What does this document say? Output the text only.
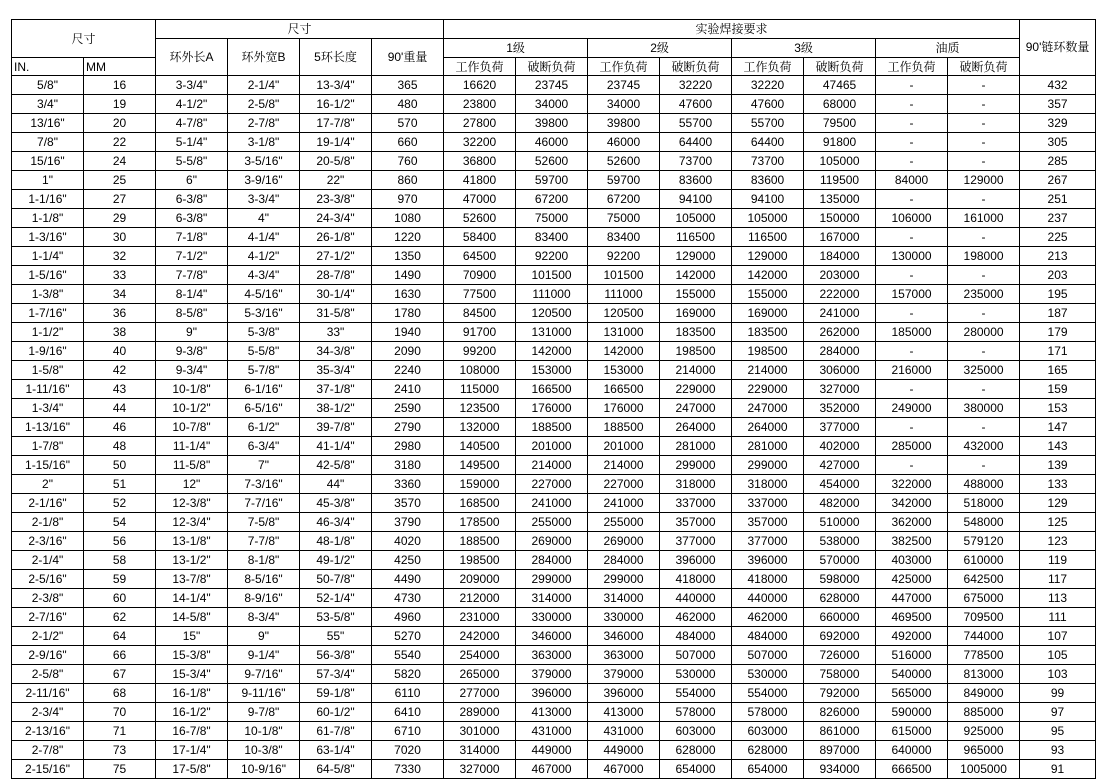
尺寸		尺寸				实验焊接要求								90'链环数量
		环外长A	环外宽B	5环长度	90'重量	1级		2级		3级		油质		
IN.	MM					工作负荷	破断负荷	工作负荷	破断负荷	工作负荷	破断负荷	工作负荷	破断负荷	
5/8"	16	3-3/4"	2-1/4"	13-3/4"	365	16620	23745	23745	32220	32220	47465	-	-	432
3/4"	19	4-1/2"	2-5/8"	16-1/2"	480	23800	34000	34000	47600	47600	68000	-	-	357
13/16"	20	4-7/8"	2-7/8"	17-7/8"	570	27800	39800	39800	55700	55700	79500	-	-	329
7/8"	22	5-1/4"	3-1/8"	19-1/4"	660	32200	46000	46000	64400	64400	91800	-	-	305
15/16"	24	5-5/8"	3-5/16"	20-5/8"	760	36800	52600	52600	73700	73700	105000	-	-	285
1"	25	6"	3-9/16"	22"	860	41800	59700	59700	83600	83600	119500	84000	129000	267
1-1/16"	27	6-3/8"	3-3/4"	23-3/8"	970	47000	67200	67200	94100	94100	135000	-	-	251
1-1/8"	29	6-3/8"	4"	24-3/4"	1080	52600	75000	75000	105000	105000	150000	106000	161000	237
1-3/16"	30	7-1/8"	4-1/4"	26-1/8"	1220	58400	83400	83400	116500	116500	167000	-	-	225
1-1/4"	32	7-1/2"	4-1/2"	27-1/2"	1350	64500	92200	92200	129000	129000	184000	130000	198000	213
1-5/16"	33	7-7/8"	4-3/4"	28-7/8"	1490	70900	101500	101500	142000	142000	203000	-	-	203
1-3/8"	34	8-1/4"	4-5/16"	30-1/4"	1630	77500	111000	111000	155000	155000	222000	157000	235000	195
1-7/16"	36	8-5/8"	5-3/16"	31-5/8"	1780	84500	120500	120500	169000	169000	241000	-	-	187
1-1/2"	38	9"	5-3/8"	33"	1940	91700	131000	131000	183500	183500	262000	185000	280000	179
1-9/16"	40	9-3/8"	5-5/8"	34-3/8"	2090	99200	142000	142000	198500	198500	284000	-	-	171
1-5/8"	42	9-3/4"	5-7/8"	35-3/4"	2240	108000	153000	153000	214000	214000	306000	216000	325000	165
1-11/16"	43	10-1/8"	6-1/16"	37-1/8"	2410	115000	166500	166500	229000	229000	327000	-	-	159
1-3/4"	44	10-1/2"	6-5/16"	38-1/2"	2590	123500	176000	176000	247000	247000	352000	249000	380000	153
1-13/16"	46	10-7/8"	6-1/2"	39-7/8"	2790	132000	188500	188500	264000	264000	377000	-	-	147
1-7/8"	48	11-1/4"	6-3/4"	41-1/4"	2980	140500	201000	201000	281000	281000	402000	285000	432000	143
1-15/16"	50	11-5/8"	7"	42-5/8"	3180	149500	214000	214000	299000	299000	427000	-	-	139
2"	51	12"	7-3/16"	44"	3360	159000	227000	227000	318000	318000	454000	322000	488000	133
2-1/16"	52	12-3/8"	7-7/16"	45-3/8"	3570	168500	241000	241000	337000	337000	482000	342000	518000	129
2-1/8"	54	12-3/4"	7-5/8"	46-3/4"	3790	178500	255000	255000	357000	357000	510000	362000	548000	125
2-3/16"	56	13-1/8"	7-7/8"	48-1/8"	4020	188500	269000	269000	377000	377000	538000	382500	579120	123
2-1/4"	58	13-1/2"	8-1/8"	49-1/2"	4250	198500	284000	284000	396000	396000	570000	403000	610000	119
2-5/16"	59	13-7/8"	8-5/16"	50-7/8"	4490	209000	299000	299000	418000	418000	598000	425000	642500	117
2-3/8"	60	14-1/4"	8-9/16"	52-1/4"	4730	212000	314000	314000	440000	440000	628000	447000	675000	113
2-7/16"	62	14-5/8"	8-3/4"	53-5/8"	4960	231000	330000	330000	462000	462000	660000	469500	709500	111
2-1/2"	64	15"	9"	55"	5270	242000	346000	346000	484000	484000	692000	492000	744000	107
2-9/16"	66	15-3/8"	9-1/4"	56-3/8"	5540	254000	363000	363000	507000	507000	726000	516000	778500	105
2-5/8"	67	15-3/4"	9-7/16"	57-3/4"	5820	265000	379000	379000	530000	530000	758000	540000	813000	103
2-11/16"	68	16-1/8"	9-11/16"	59-1/8"	6110	277000	396000	396000	554000	554000	792000	565000	849000	99
2-3/4"	70	16-1/2"	9-7/8"	60-1/2"	6410	289000	413000	413000	578000	578000	826000	590000	885000	97
2-13/16"	71	16-7/8"	10-1/8"	61-7/8"	6710	301000	431000	431000	603000	603000	861000	615000	925000	95
2-7/8"	73	17-1/4"	10-3/8"	63-1/4"	7020	314000	449000	449000	628000	628000	897000	640000	965000	93
2-15/16"	75	17-5/8"	10-9/16"	64-5/8"	7330	327000	467000	467000	654000	654000	934000	666500	1005000	91
